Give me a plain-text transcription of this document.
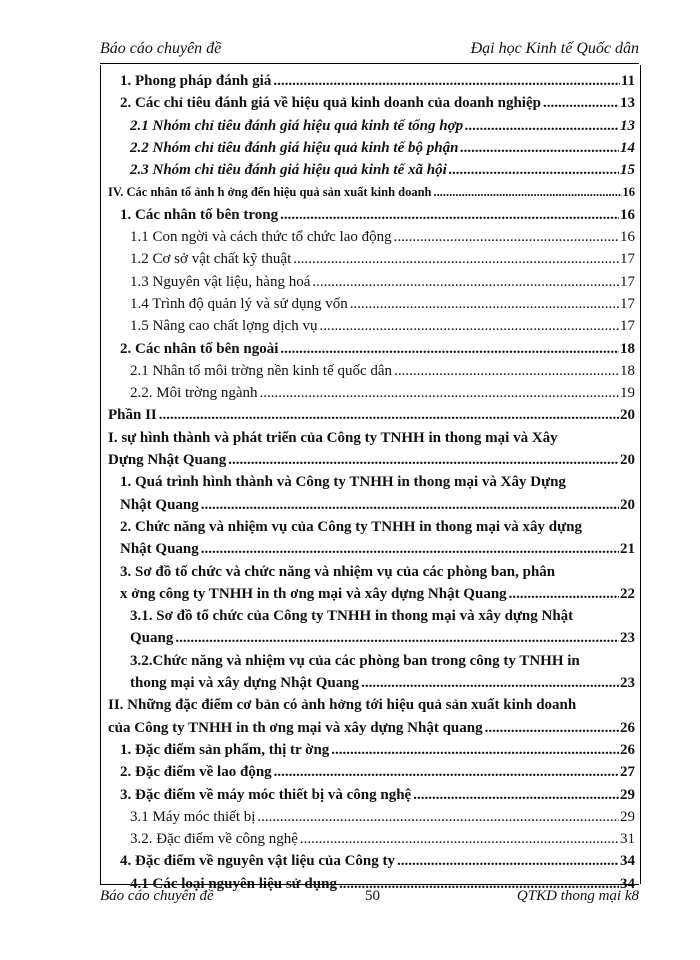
Báo cáo chuyên đề	Đại học Kinh tế Quốc dân
1. Phong pháp đánh giá .....	11
2. Các chỉ tiêu đánh giá về hiệu quả kinh doanh của doanh nghiệp .....	13
2.1 Nhóm chỉ tiêu đánh giá hiệu quả kinh tế tổng hợp .....	13
2.2 Nhóm chỉ tiêu đánh giá hiệu quả kinh tế bộ phận .....	14
2.3 Nhóm chỉ tiêu đánh giá hiệu quả kinh tế xã hội .....	15
IV. Các nhân tố ảnh h ởng đến hiệu quả sản xuất kinh doanh .....	16
1. Các nhân tố bên trong .....	16
1.1 Con ngời và cách thức tổ chức lao động .....	16
1.2 Cơ sở vật chất kỹ thuật .....	17
1.3 Nguyên vật liệu, hàng hoá .....	17
1.4 Trình độ quản lý và sử dụng vốn .....	17
1.5 Nâng cao chất lợng dịch vụ .....	17
2. Các nhân tố bên ngoài .....	18
2.1 Nhân tố môi trờng nền kinh tế quốc dân .....	18
2.2. Môi trờng ngành .....	19
Phần II .....	20
I. sự hình thành và phát triển của Công ty TNHH in thong mại và Xây
Dựng Nhật Quang .....	20
1. Quá trình hình thành và Công ty TNHH in thong mại và Xây Dựng
Nhật Quang .....	20
2. Chức năng và nhiệm vụ của Công ty TNHH in thong mại và xây dựng
Nhật Quang .....	21
3. Sơ đồ tổ chức và chức năng và nhiệm vụ của các phòng ban, phân
x ởng công ty TNHH in th ơng mại và xây dựng Nhật Quang .....	22
3.1. Sơ đồ tổ chức của Công ty TNHH in thong mại và xây dựng Nhật
Quang .....	23
3.2.Chức năng và nhiệm vụ của các phòng ban trong công ty TNHH in
thong mại và xây dựng Nhật Quang .....	23
II. Những đặc điểm cơ bản có ảnh hởng tới hiệu quả sản xuất kinh doanh
của Công ty TNHH in th ơng mại và xây dựng Nhật quang .....	26
1. Đặc điểm sản phẩm, thị tr ờng .....	26
2. Đặc điểm về lao động .....	27
3. Đặc điểm về máy móc thiết bị và công nghệ .....	29
3.1 Máy móc thiết bị .....	29
3.2. Đặc điểm về công nghệ .....	31
4. Đặc điểm về nguyên vật liệu của Công ty .....	34
4.1 Các loại nguyên liệu sử dụng .....	34
Báo cáo chuyên đề	50	QTKD thong mại k8
